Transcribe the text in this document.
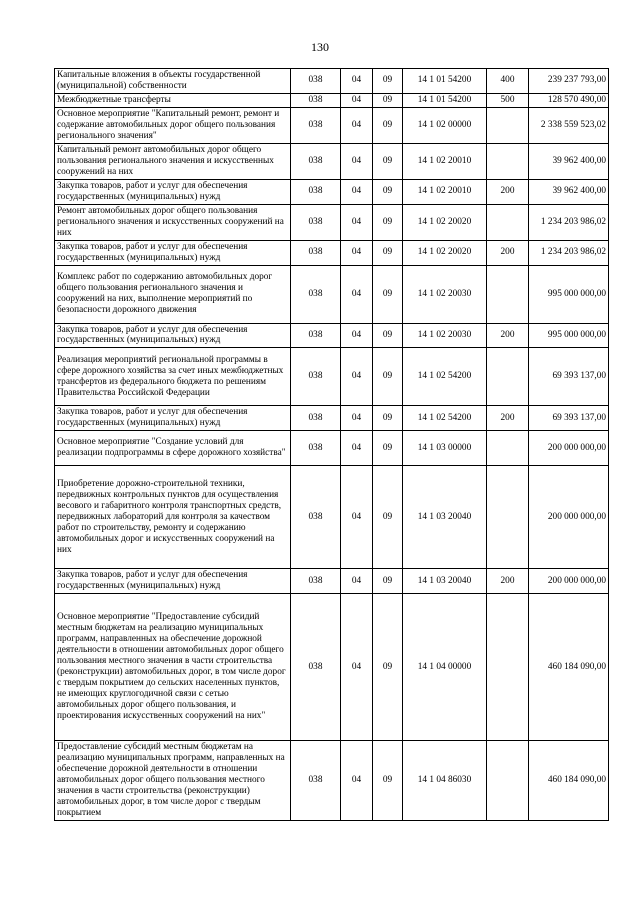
130
Капитальные вложения в объекты государственной (муниципальной) собственности	038	04	09	14 1 01 54200	400	239 237 793,00
Межбюджетные трансферты	038	04	09	14 1 01 54200	500	128 570 490,00
Основное мероприятие "Капитальный ремонт, ремонт и содержание автомобильных дорог общего пользования регионального значения"	038	04	09	14 1 02 00000		2 338 559 523,02
Капитальный ремонт автомобильных дорог общего пользования регионального значения и искусственных сооружений на них	038	04	09	14 1 02 20010		39 962 400,00
Закупка товаров, работ и услуг для обеспечения государственных (муниципальных) нужд	038	04	09	14 1 02 20010	200	39 962 400,00
Ремонт автомобильных дорог общего пользования регионального значения и искусственных сооружений на них	038	04	09	14 1 02 20020		1 234 203 986,02
Закупка товаров, работ и услуг для обеспечения государственных (муниципальных) нужд	038	04	09	14 1 02 20020	200	1 234 203 986,02
Комплекс работ по содержанию автомобильных дорог общего пользования регионального значения и сооружений на них, выполнение мероприятий по безопасности дорожного движения	038	04	09	14 1 02 20030		995 000 000,00
Закупка товаров, работ и услуг для обеспечения государственных (муниципальных) нужд	038	04	09	14 1 02 20030	200	995 000 000,00
Реализация мероприятий региональной программы в сфере дорожного хозяйства за счет иных межбюджетных трансфертов из федерального бюджета по решениям Правительства Российской Федерации	038	04	09	14 1 02 54200		69 393 137,00
Закупка товаров, работ и услуг для обеспечения государственных (муниципальных) нужд	038	04	09	14 1 02 54200	200	69 393 137,00
Основное мероприятие "Создание условий для реализации подпрограммы в сфере дорожного хозяйства"	038	04	09	14 1 03 00000		200 000 000,00
Приобретение дорожно-строительной техники, передвижных контрольных пунктов для осуществления весового и габаритного контроля транспортных средств, передвижных лабораторий для контроля за качеством работ по строительству, ремонту и содержанию автомобильных дорог и искусственных сооружений на них	038	04	09	14 1 03 20040		200 000 000,00
Закупка товаров, работ и услуг для обеспечения государственных (муниципальных) нужд	038	04	09	14 1 03 20040	200	200 000 000,00
Основное мероприятие "Предоставление субсидий местным бюджетам на реализацию муниципальных программ, направленных на обеспечение дорожной деятельности в отношении автомобильных дорог общего пользования местного значения в части строительства (реконструкции) автомобильных дорог, в том числе дорог с твердым покрытием до сельских населенных пунктов, не имеющих круглогодичной связи с сетью автомобильных дорог общего пользования, и проектирования искусственных сооружений на них"	038	04	09	14 1 04 00000		460 184 090,00
Предоставление субсидий местным бюджетам на реализацию муниципальных программ, направленных на обеспечение дорожной деятельности в отношении автомобильных дорог общего пользования местного значения в части строительства (реконструкции) автомобильных дорог, в том числе дорог с твердым покрытием	038	04	09	14 1 04 86030		460 184 090,00
